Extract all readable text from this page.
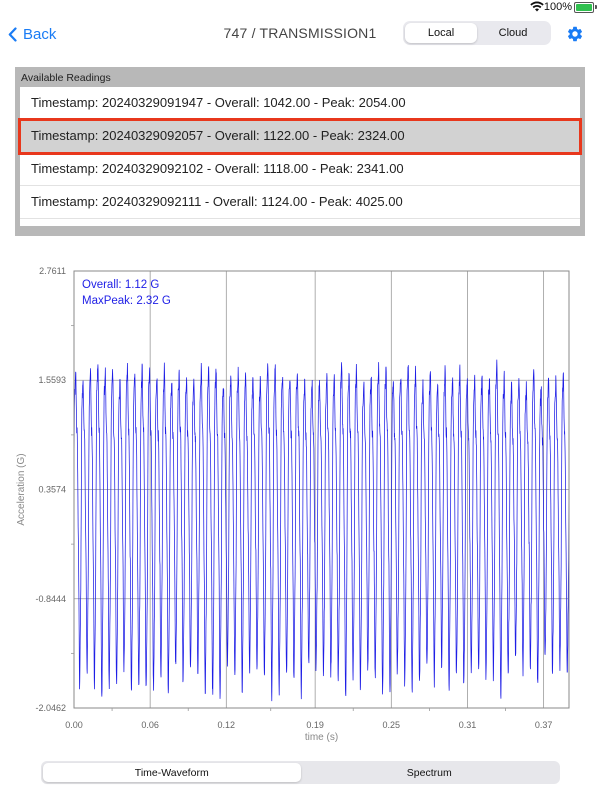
100%
Back	747 / TRANSMISSION1	Local	Cloud
Available Readings
Timestamp: 20240329091947 - Overall: 1042.00 - Peak: 2054.00
Timestamp: 20240329092057 - Overall: 1122.00 - Peak: 2324.00
Timestamp: 20240329092102 - Overall: 1118.00 - Peak: 2341.00
Timestamp: 20240329092111 - Overall: 1124.00 - Peak: 4025.00
2.7611
1.5593
0.3574
-0.8444
-2.0462
0.00	0.06	0.12	0.19	0.25	0.31	0.37
Acceleration (G)
time (s)
Overall: 1.12 G
MaxPeak: 2.32 G
Time-Waveform	Spectrum
